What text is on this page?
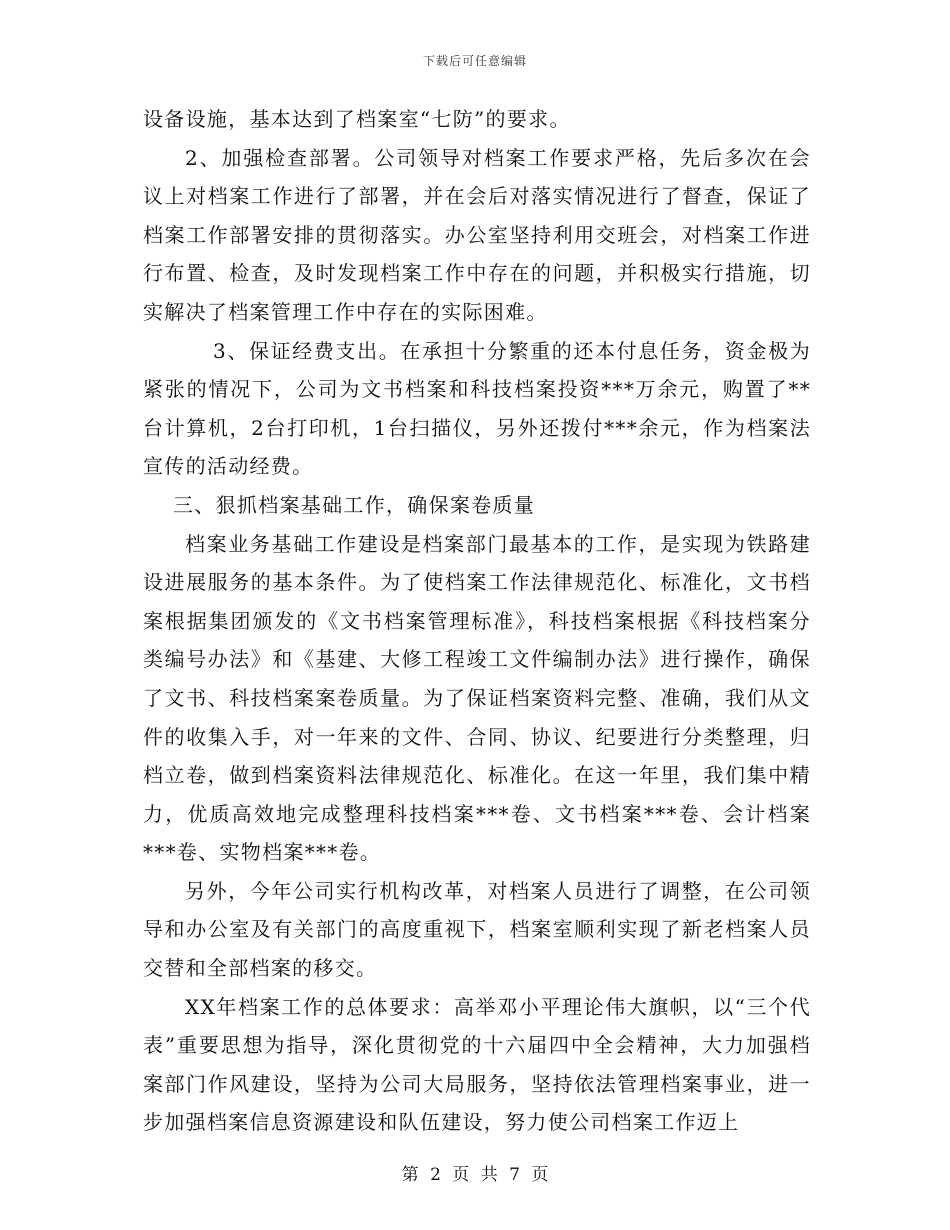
下载后可任意编辑

设备设施，基本达到了档案室“七防”的要求。

2、加强检查部署。公司领导对档案工作要求严格，先后多次在会议上对档案工作进行了部署，并在会后对落实情况进行了督查，保证了档案工作部署安排的贯彻落实。办公室坚持利用交班会，对档案工作进行布置、检查，及时发现档案工作中存在的问题，并积极实行措施，切实解决了档案管理工作中存在的实际困难。

3、保证经费支出。在承担十分繁重的还本付息任务，资金极为紧张的情况下，公司为文书档案和科技档案投资***万余元，购置了**台计算机，2台打印机，1台扫描仪，另外还拨付***余元，作为档案法宣传的活动经费。

三、狠抓档案基础工作，确保案卷质量

档案业务基础工作建设是档案部门最基本的工作，是实现为铁路建设进展服务的基本条件。为了使档案工作法律规范化、标准化，文书档案根据集团颁发的《文书档案管理标准》，科技档案根据《科技档案分类编号办法》和《基建、大修工程竣工文件编制办法》进行操作，确保了文书、科技档案案卷质量。为了保证档案资料完整、准确，我们从文件的收集入手，对一年来的文件、合同、协议、纪要进行分类整理，归档立卷，做到档案资料法律规范化、标准化。在这一年里，我们集中精力，优质高效地完成整理科技档案***卷、文书档案***卷、会计档案***卷、实物档案***卷。

另外，今年公司实行机构改革，对档案人员进行了调整，在公司领导和办公室及有关部门的高度重视下，档案室顺利实现了新老档案人员交替和全部档案的移交。

XX年档案工作的总体要求：高举邓小平理论伟大旗帜，以“三个代表”重要思想为指导，深化贯彻党的十六届四中全会精神，大力加强档案部门作风建设，坚持为公司大局服务，坚持依法管理档案事业，进一步加强档案信息资源建设和队伍建设，努力使公司档案工作迈上

第 2 页 共 7 页
